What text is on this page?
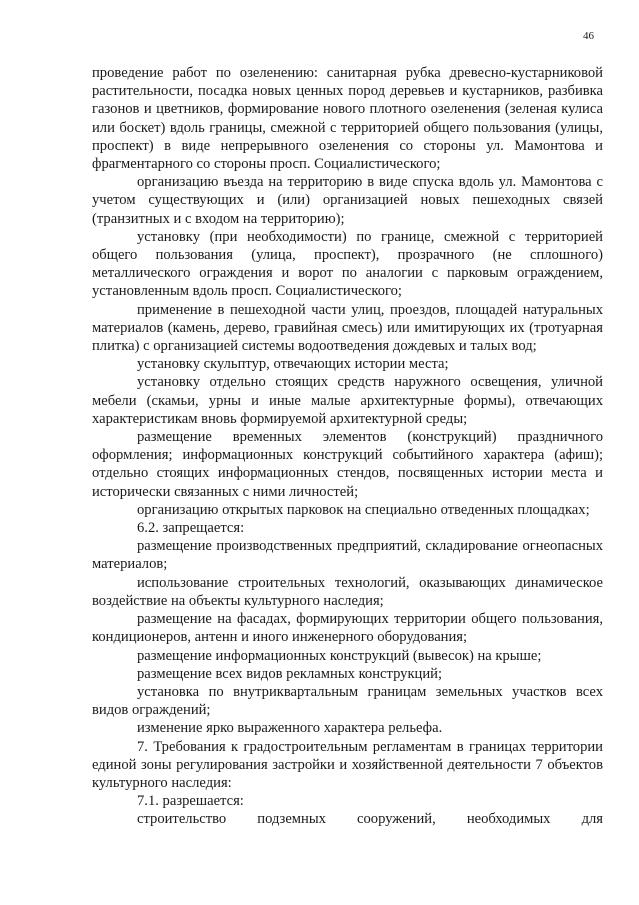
46

проведение работ по озеленению: санитарная рубка древесно-кустарниковой растительности, посадка новых ценных пород деревьев и кустарников, разбивка газонов и цветников, формирование нового плотного озеленения (зеленая кулиса или боскет) вдоль границы, смежной с территорией общего пользования (улицы, проспект) в виде непрерывного озеленения со стороны ул. Мамонтова и фрагментарного со стороны просп. Социалистического;

организацию въезда на территорию в виде спуска вдоль ул. Мамонтова с учетом существующих и (или) организацией новых пешеходных связей (транзитных и с входом на территорию);

установку (при необходимости) по границе, смежной с территорией общего пользования (улица, проспект), прозрачного (не сплошного) металлического ограждения и ворот по аналогии с парковым ограждением, установленным вдоль просп. Социалистического;

применение в пешеходной части улиц, проездов, площадей натуральных материалов (камень, дерево, гравийная смесь) или имитирующих их (тротуарная плитка) с организацией системы водоотведения дождевых и талых вод;

установку скульптур, отвечающих истории места;

установку отдельно стоящих средств наружного освещения, уличной мебели (скамьи, урны и иные малые архитектурные формы), отвечающих характеристикам вновь формируемой архитектурной среды;

размещение временных элементов (конструкций) праздничного оформления; информационных конструкций событийного характера (афиш); отдельно стоящих информационных стендов, посвященных истории места и исторически связанных с ними личностей;

организацию открытых парковок на специально отведенных площадках;

6.2. запрещается:

размещение производственных предприятий, складирование огнеопасных материалов;

использование строительных технологий, оказывающих динамическое воздействие на объекты культурного наследия;

размещение на фасадах, формирующих территории общего пользования, кондиционеров, антенн и иного инженерного оборудования;

размещение информационных конструкций (вывесок) на крыше;

размещение всех видов рекламных конструкций;

установка по внутриквартальным границам земельных участков всех видов ограждений;

изменение ярко выраженного характера рельефа.

7. Требования к градостроительным регламентам в границах территории единой зоны регулирования застройки и хозяйственной деятельности 7 объектов культурного наследия:

7.1. разрешается:

строительство подземных сооружений, необходимых для
